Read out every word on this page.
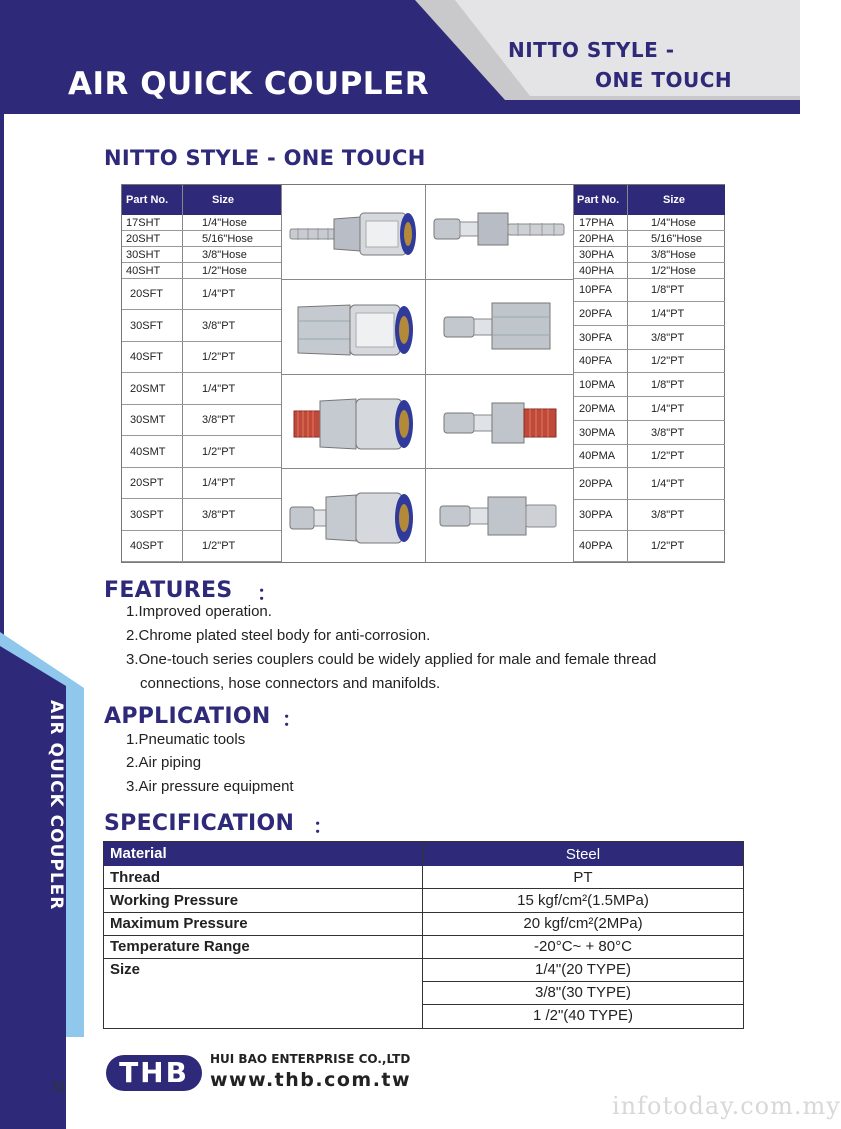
AIR QUICK COUPLER
NITTO STYLE -
ONE TOUCH
AIR QUICK COUPLER
31
NITTO STYLE - ONE TOUCH
Part No.	Size
17SHT	1/4"Hose
20SHT	5/16"Hose
30SHT	3/8"Hose
40SHT	1/2"Hose
20SFT	1/4"PT
30SFT	3/8"PT
40SFT	1/2"PT
20SMT	1/4"PT
30SMT	3/8"PT
40SMT	1/2"PT
20SPT	1/4"PT
30SPT	3/8"PT
40SPT	1/2"PT
Part No.	Size
17PHA	1/4"Hose
20PHA	5/16"Hose
30PHA	3/8"Hose
40PHA	1/2"Hose
10PFA	1/8"PT
20PFA	1/4"PT
30PFA	3/8"PT
40PFA	1/2"PT
10PMA	1/8"PT
20PMA	1/4"PT
30PMA	3/8"PT
40PMA	1/2"PT
20PPA	1/4"PT
30PPA	3/8"PT
40PPA	1/2"PT
FEATURES ：
1.Improved operation.
2.Chrome plated steel body for anti-corrosion.
3.One-touch series couplers could be widely applied for male and female thread
connections, hose connectors and manifolds.
APPLICATION ：
1.Pneumatic tools
2.Air piping
3.Air pressure equipment
SPECIFICATION ：
Material	Steel
Thread	PT
Working Pressure	15 kgf/cm²(1.5MPa)
Maximum Pressure	20 kgf/cm²(2MPa)
Temperature Range	-20°C~ + 80°C
Size	1/4"(20 TYPE)
3/8"(30 TYPE)
1 /2"(40 TYPE)
THB	HUI BAO ENTERPRISE CO.,LTD
www.thb.com.tw
infotoday.com.my
